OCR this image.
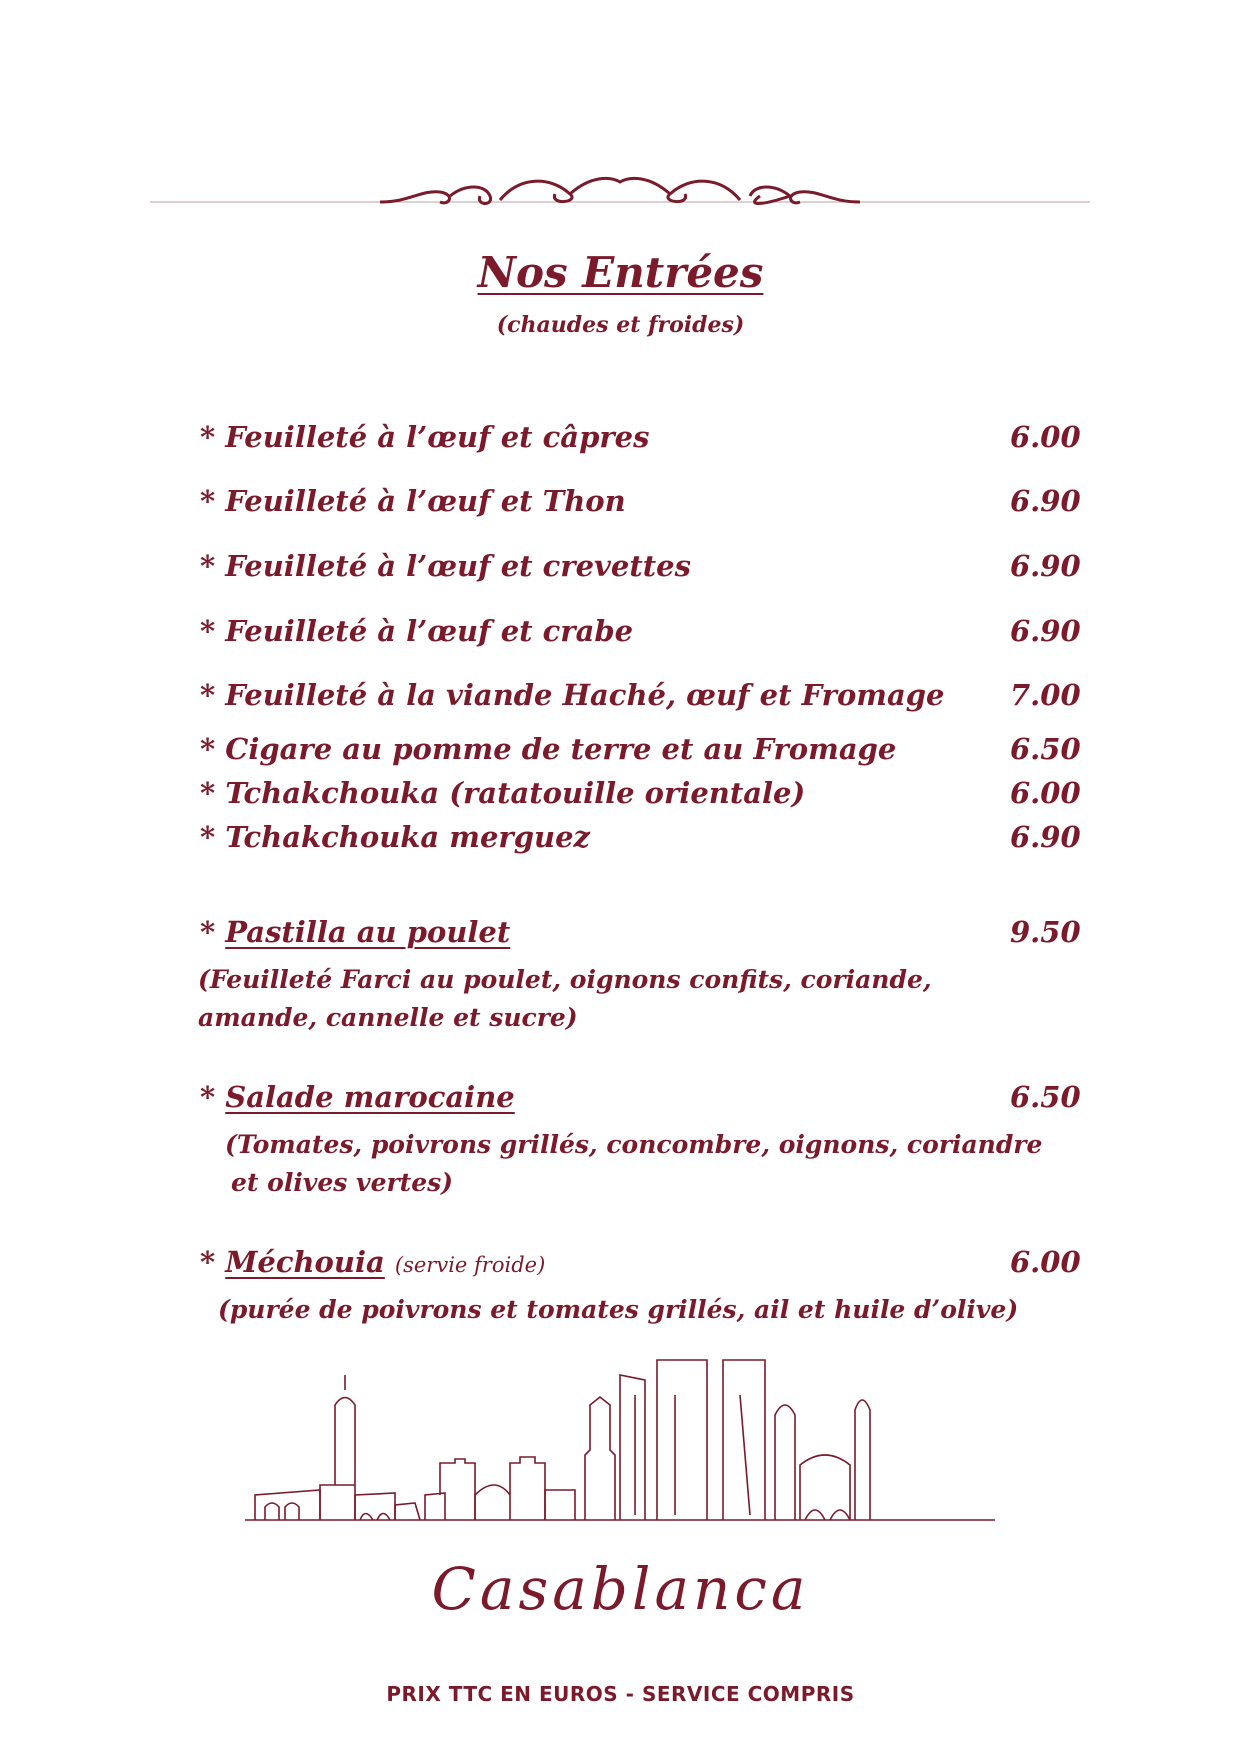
Nos Entrées
(chaudes et froides)
* Feuilleté à l’œuf et câpres	6.00
* Feuilleté à l’œuf et Thon	6.90
* Feuilleté à l’œuf et crevettes	6.90
* Feuilleté à l’œuf et crabe	6.90
* Feuilleté à la viande Haché, œuf et Fromage 7.00
* Cigare au pomme de terre et au Fromage	6.50
* Tchakchouka (ratatouille orientale)	6.00
* Tchakchouka merguez	6.90
* Pastilla au poulet	9.50
(Feuilleté Farci au poulet, oignons confits, coriande,
amande, cannelle et sucre)
* Salade marocaine	6.50
(Tomates, poivrons grillés, concombre, oignons, coriandre
et olives vertes)
* Méchouia (servie froide)	6.00
(purée de poivrons et tomates grillés, ail et huile d’olive)
Casablanca
PRIX TTC EN EUROS - SERVICE COMPRIS
